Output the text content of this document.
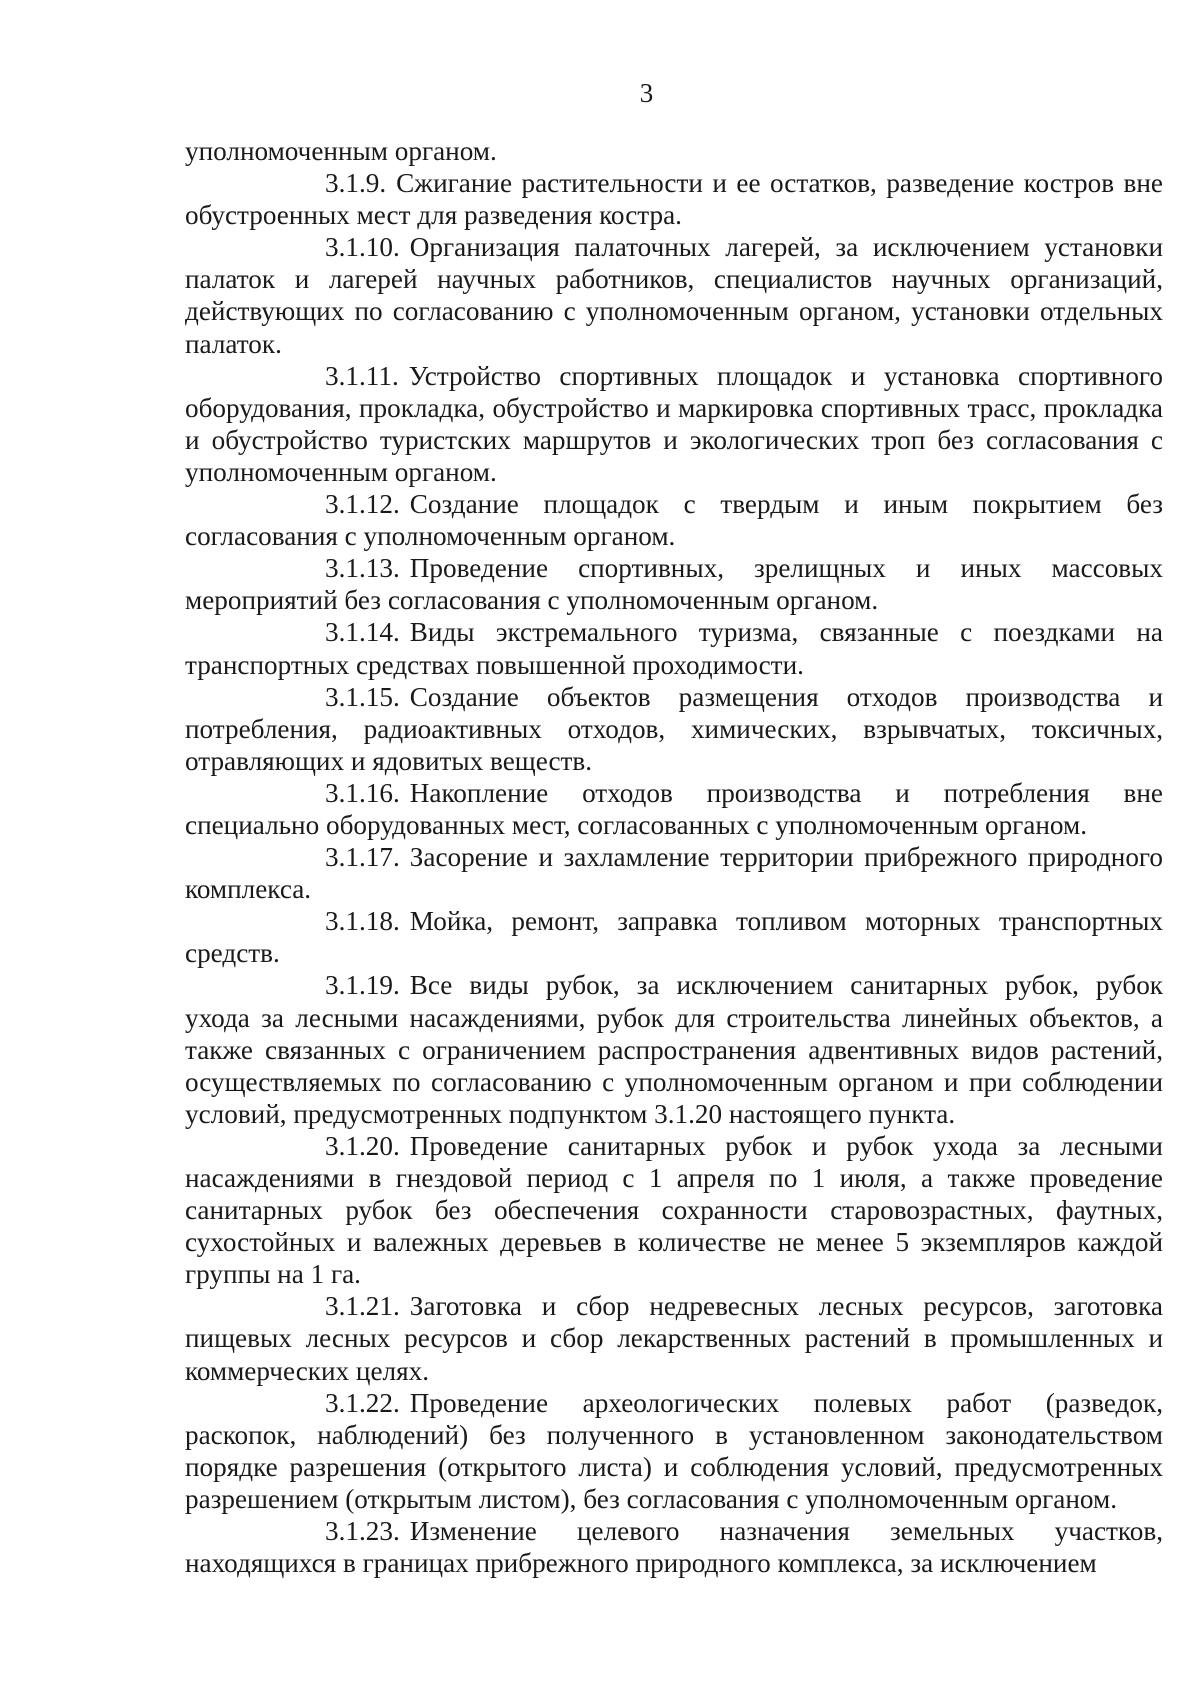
3

уполномоченным органом.

3.1.9. Сжигание растительности и ее остатков, разведение костров вне обустроенных мест для разведения костра.

3.1.10. Организация палаточных лагерей, за исключением установки палаток и лагерей научных работников, специалистов научных организаций, действующих по согласованию с уполномоченным органом, установки отдельных палаток.

3.1.11. Устройство спортивных площадок и установка спортивного оборудования, прокладка, обустройство и маркировка спортивных трасс, прокладка и обустройство туристских маршрутов и экологических троп без согласования с уполномоченным органом.

3.1.12. Создание площадок с твердым и иным покрытием без согласования с уполномоченным органом.

3.1.13. Проведение спортивных, зрелищных и иных массовых мероприятий без согласования с уполномоченным органом.

3.1.14. Виды экстремального туризма, связанные с поездками на транспортных средствах повышенной проходимости.

3.1.15. Создание объектов размещения отходов производства и потребления, радиоактивных отходов, химических, взрывчатых, токсичных, отравляющих и ядовитых веществ.

3.1.16. Накопление отходов производства и потребления вне специально оборудованных мест, согласованных с уполномоченным органом.

3.1.17. Засорение и захламление территории прибрежного природного комплекса.

3.1.18. Мойка, ремонт, заправка топливом моторных транспортных средств.

3.1.19. Все виды рубок, за исключением санитарных рубок, рубок ухода за лесными насаждениями, рубок для строительства линейных объектов, а также связанных с ограничением распространения адвентивных видов растений, осуществляемых по согласованию с уполномоченным органом и при соблюдении условий, предусмотренных подпунктом 3.1.20 настоящего пункта.

3.1.20. Проведение санитарных рубок и рубок ухода за лесными насаждениями в гнездовой период с 1 апреля по 1 июля, а также проведение санитарных рубок без обеспечения сохранности старовозрастных, фаутных, сухостойных и валежных деревьев в количестве не менее 5 экземпляров каждой группы на 1 га.

3.1.21. Заготовка и сбор недревесных лесных ресурсов, заготовка пищевых лесных ресурсов и сбор лекарственных растений в промышленных и коммерческих целях.

3.1.22. Проведение археологических полевых работ (разведок, раскопок, наблюдений) без полученного в установленном законодательством порядке разрешения (открытого листа) и соблюдения условий, предусмотренных разрешением (открытым листом), без согласования с уполномоченным органом.

3.1.23. Изменение целевого назначения земельных участков, находящихся в границах прибрежного природного комплекса, за исключением
